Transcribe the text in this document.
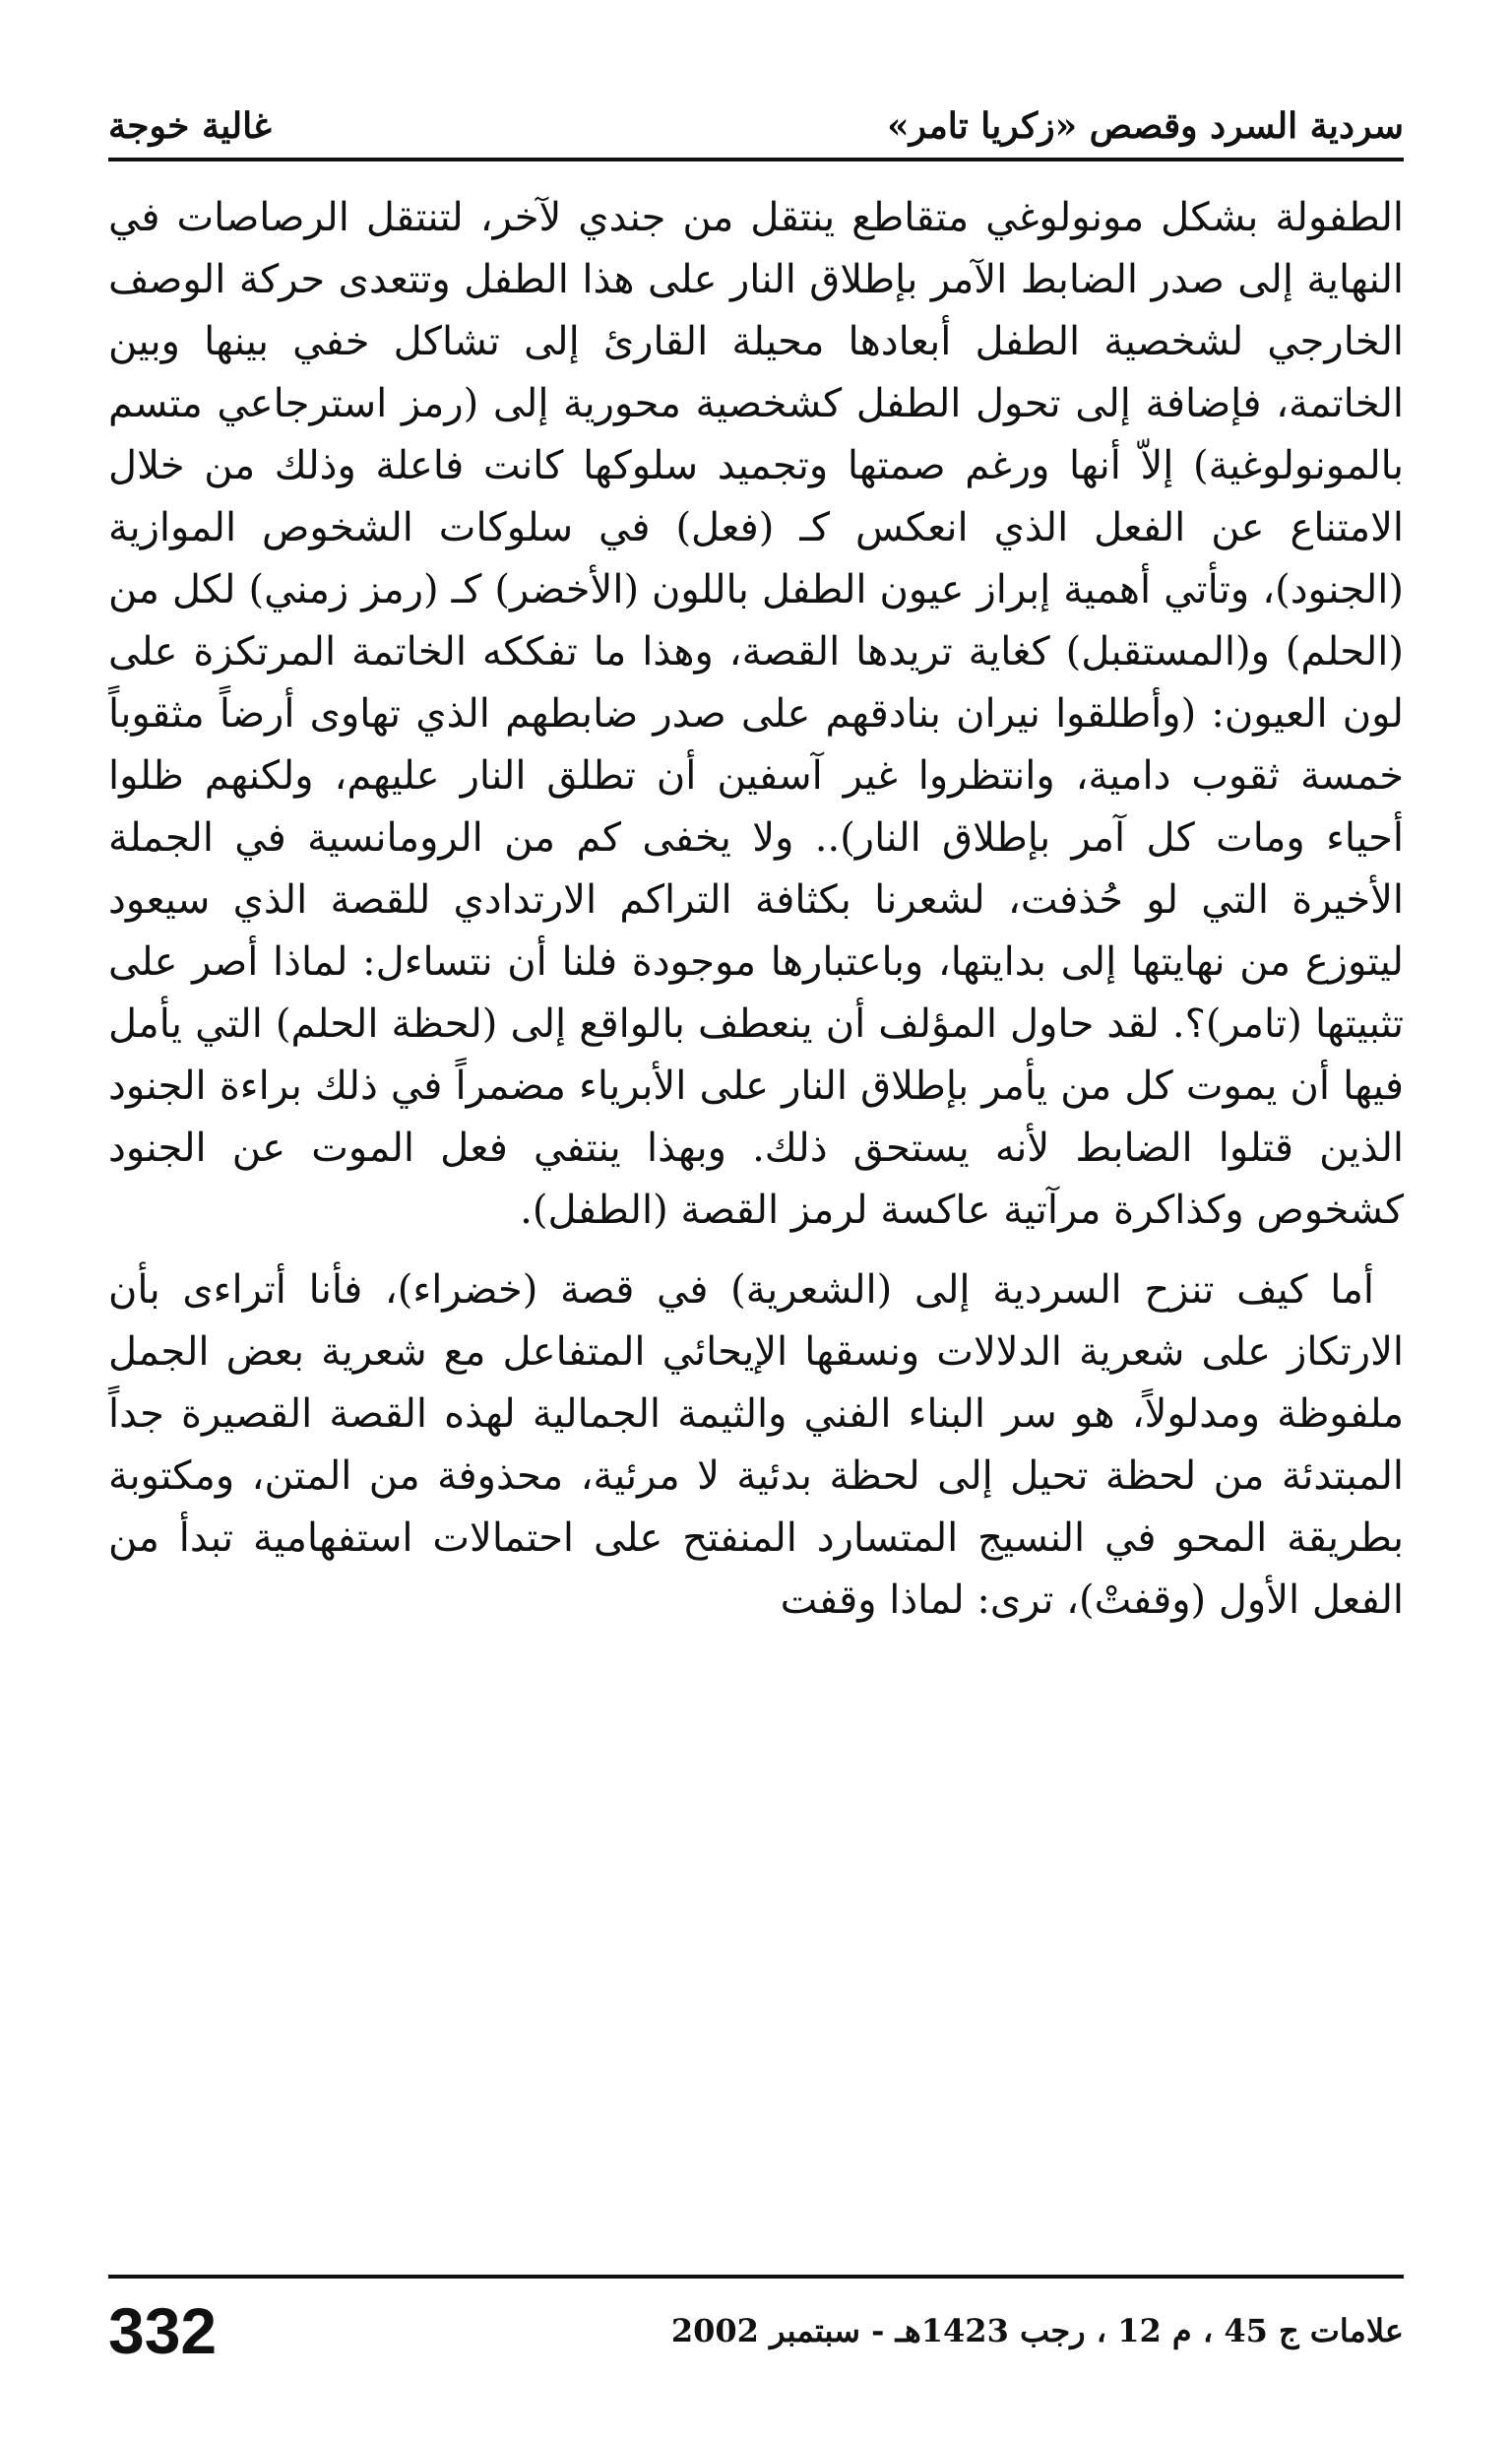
سردية السرد وقصص «زكريا تامر»
غالية خوجة

الطفولة بشكل مونولوغي متقاطع ينتقل من جندي لآخر، لتنتقل الرصاصات في النهاية إلى صدر الضابط الآمر بإطلاق النار على هذا الطفل وتتعدى حركة الوصف الخارجي لشخصية الطفل أبعادها محيلة القارئ إلى تشاكل خفي بينها وبين الخاتمة، فإضافة إلى تحول الطفل كشخصية محورية إلى (رمز استرجاعي متسم بالمونولوغية) إلاّ أنها ورغم صمتها وتجميد سلوكها كانت فاعلة وذلك من خلال الامتناع عن الفعل الذي انعكس كـ (فعل) في سلوكات الشخوص الموازية (الجنود)، وتأتي أهمية إبراز عيون الطفل باللون (الأخضر) كـ (رمز زمني) لكل من (الحلم) و(المستقبل) كغاية تريدها القصة، وهذا ما تفككه الخاتمة المرتكزة على لون العيون: (وأطلقوا نيران بنادقهم على صدر ضابطهم الذي تهاوى أرضاً مثقوباً خمسة ثقوب دامية، وانتظروا غير آسفين أن تطلق النار عليهم، ولكنهم ظلوا أحياء ومات كل آمر بإطلاق النار).. ولا يخفى كم من الرومانسية في الجملة الأخيرة التي لو حُذفت، لشعرنا بكثافة التراكم الارتدادي للقصة الذي سيعود ليتوزع من نهايتها إلى بدايتها، وباعتبارها موجودة فلنا أن نتساءل: لماذا أصر على تثبيتها (تامر)؟. لقد حاول المؤلف أن ينعطف بالواقع إلى (لحظة الحلم) التي يأمل فيها أن يموت كل من يأمر بإطلاق النار على الأبرياء مضمراً في ذلك براءة الجنود الذين قتلوا الضابط لأنه يستحق ذلك. وبهذا ينتفي فعل الموت عن الجنود كشخوص وكذاكرة مرآتية عاكسة لرمز القصة (الطفل).

أما كيف تنزح السردية إلى (الشعرية) في قصة (خضراء)، فأنا أتراءى بأن الارتكاز على شعرية الدلالات ونسقها الإيحائي المتفاعل مع شعرية بعض الجمل ملفوظة ومدلولاً، هو سر البناء الفني والثيمة الجمالية لهذه القصة القصيرة جداً المبتدئة من لحظة تحيل إلى لحظة بدئية لا مرئية، محذوفة من المتن، ومكتوبة بطريقة المحو في النسيج المتسارد المنفتح على احتمالات استفهامية تبدأ من الفعل الأول (وقفتْ)، ترى: لماذا وقفت

علامات ج 45 ، م 12 ، رجب 1423هـ - سبتمبر 2002
332
